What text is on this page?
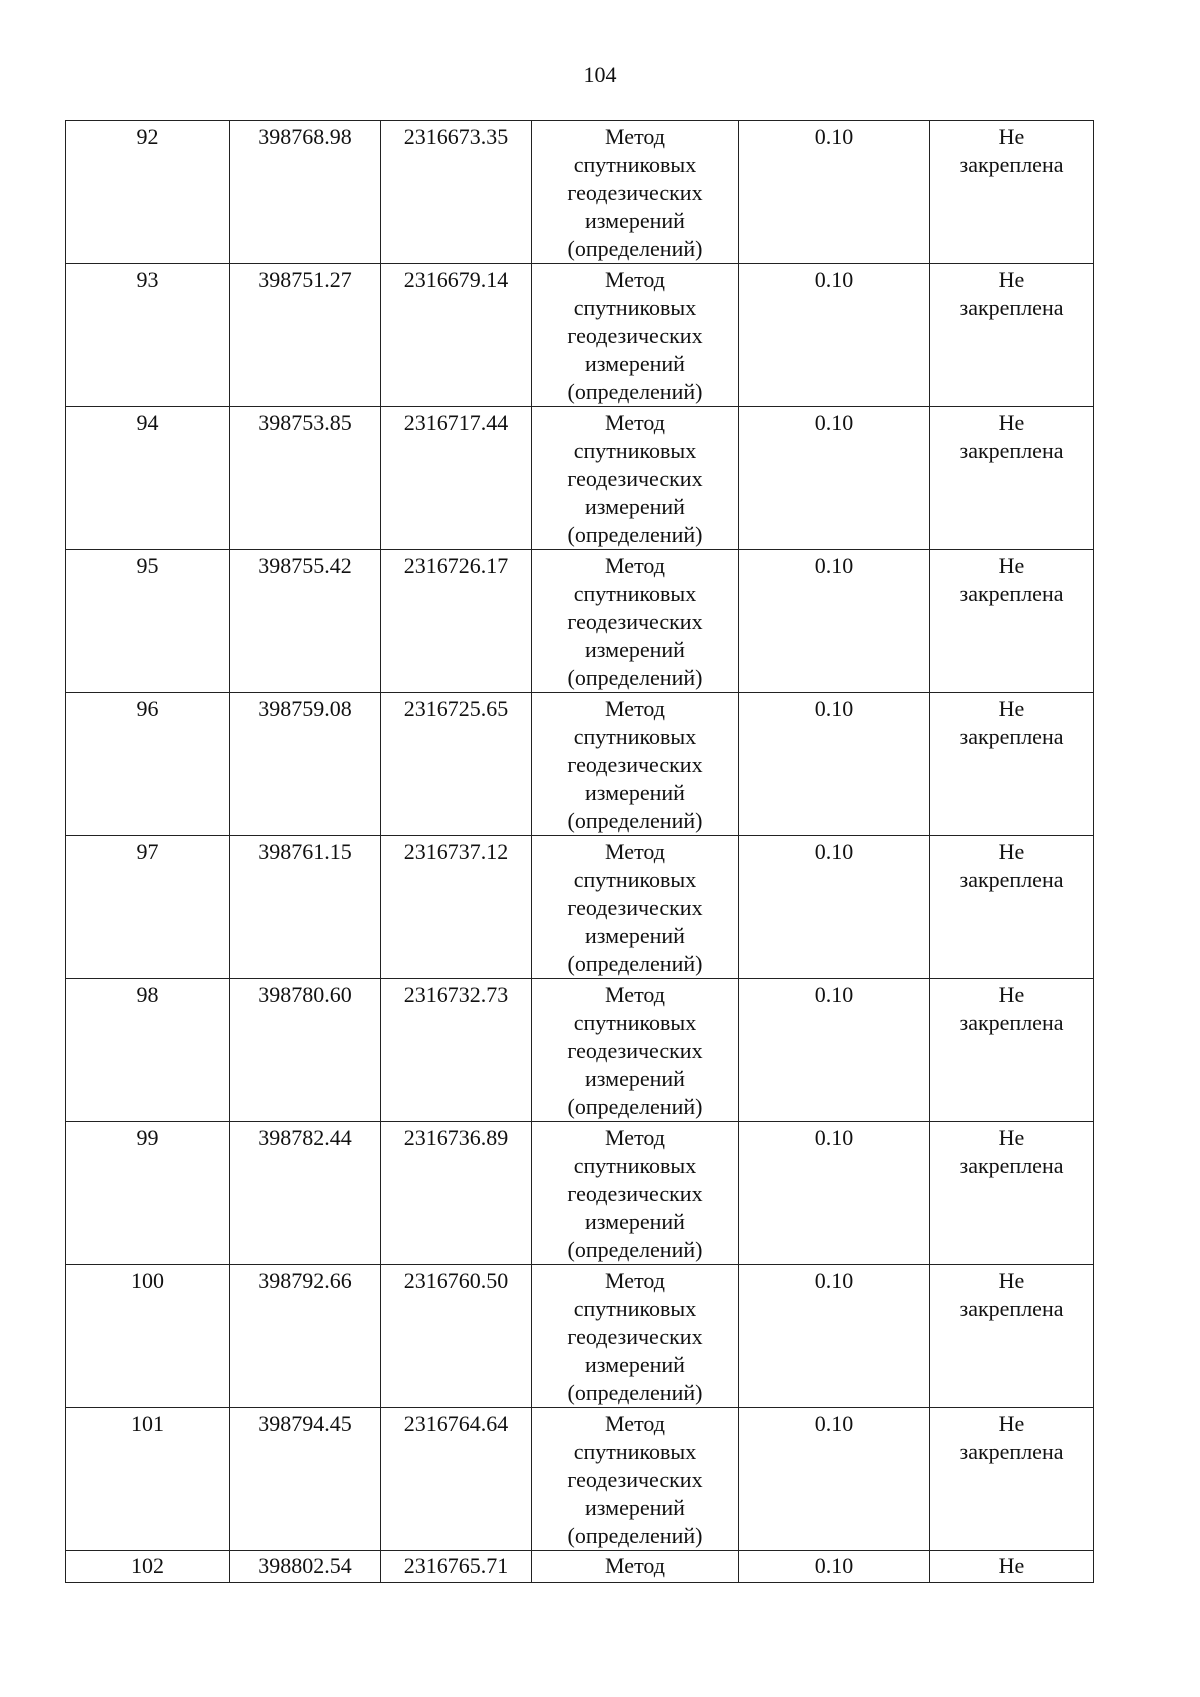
104
92	398768.98	2316673.35	Метод
спутниковых
геодезических
измерений
(определений)	0.10	Не
закреплена

93	398751.27	2316679.14	Метод
спутниковых
геодезических
измерений
(определений)	0.10	Не
закреплена

94	398753.85	2316717.44	Метод
спутниковых
геодезических
измерений
(определений)	0.10	Не
закреплена

95	398755.42	2316726.17	Метод
спутниковых
геодезических
измерений
(определений)	0.10	Не
закреплена

96	398759.08	2316725.65	Метод
спутниковых
геодезических
измерений
(определений)	0.10	Не
закреплена

97	398761.15	2316737.12	Метод
спутниковых
геодезических
измерений
(определений)	0.10	Не
закреплена

98	398780.60	2316732.73	Метод
спутниковых
геодезических
измерений
(определений)	0.10	Не
закреплена

99	398782.44	2316736.89	Метод
спутниковых
геодезических
измерений
(определений)	0.10	Не
закреплена

100	398792.66	2316760.50	Метод
спутниковых
геодезических
измерений
(определений)	0.10	Не
закреплена

101	398794.45	2316764.64	Метод
спутниковых
геодезических
измерений
(определений)	0.10	Не
закреплена

102	398802.54	2316765.71	Метод	0.10	Не
